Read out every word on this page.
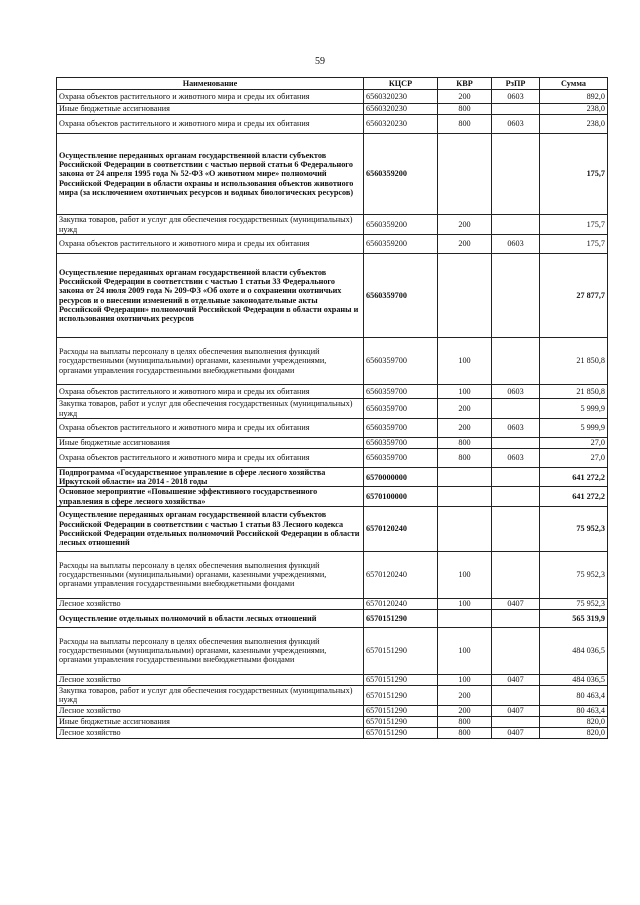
59
Наименование	КЦСР	КВР	РзПР	Сумма
Охрана объектов растительного и животного мира и среды их обитания	6560320230	200	0603	892,0
Иные бюджетные ассигнования	6560320230	800		238,0
Охрана объектов растительного и животного мира и среды их обитания	6560320230	800	0603	238,0
Осуществление переданных органам государственной власти субъектов Российской Федерации в соответствии с частью первой статьи 6 Федерального закона от 24 апреля 1995 года № 52-ФЗ «О животном мире» полномочий Российской Федерации в области охраны и использования объектов животного мира (за исключением охотничьих ресурсов и водных биологических ресурсов)	6560359200			175,7
Закупка товаров, работ и услуг для обеспечения государственных (муниципальных) нужд	6560359200	200		175,7
Охрана объектов растительного и животного мира и среды их обитания	6560359200	200	0603	175,7
Осуществление переданных органам государственной власти субъектов Российской Федерации в соответствии с частью 1 статьи 33 Федерального закона от 24 июля 2009 года № 209-ФЗ «Об охоте и о сохранении охотничьих ресурсов и о внесении изменений в отдельные законодательные акты Российской Федерации» полномочий Российской Федерации в области охраны и использования охотничьих ресурсов	6560359700			27 877,7
Расходы на выплаты персоналу в целях обеспечения выполнения функций государственными (муниципальными) органами, казенными учреждениями, органами управления государственными внебюджетными фондами	6560359700	100		21 850,8
Охрана объектов растительного и животного мира и среды их обитания	6560359700	100	0603	21 850,8
Закупка товаров, работ и услуг для обеспечения государственных (муниципальных) нужд	6560359700	200		5 999,9
Охрана объектов растительного и животного мира и среды их обитания	6560359700	200	0603	5 999,9
Иные бюджетные ассигнования	6560359700	800		27,0
Охрана объектов растительного и животного мира и среды их обитания	6560359700	800	0603	27,0
Подпрограмма «Государственное управление в сфере лесного хозяйства Иркутской области» на 2014 - 2018 годы	6570000000			641 272,2
Основное мероприятие «Повышение эффективного государственного управления в сфере лесного хозяйства»	6570100000			641 272,2
Осуществление переданных органам государственной власти субъектов Российской Федерации в соответствии с частью 1 статьи 83 Лесного кодекса Российской Федерации отдельных полномочий Российской Федерации в области лесных отношений	6570120240			75 952,3
Расходы на выплаты персоналу в целях обеспечения выполнения функций государственными (муниципальными) органами, казенными учреждениями, органами управления государственными внебюджетными фондами	6570120240	100		75 952,3
Лесное хозяйство	6570120240	100	0407	75 952,3
Осуществление отдельных полномочий в области лесных отношений	6570151290			565 319,9
Расходы на выплаты персоналу в целях обеспечения выполнения функций государственными (муниципальными) органами, казенными учреждениями, органами управления государственными внебюджетными фондами	6570151290	100		484 036,5
Лесное хозяйство	6570151290	100	0407	484 036,5
Закупка товаров, работ и услуг для обеспечения государственных (муниципальных) нужд	6570151290	200		80 463,4
Лесное хозяйство	6570151290	200	0407	80 463,4
Иные бюджетные ассигнования	6570151290	800		820,0
Лесное хозяйство	6570151290	800	0407	820,0
